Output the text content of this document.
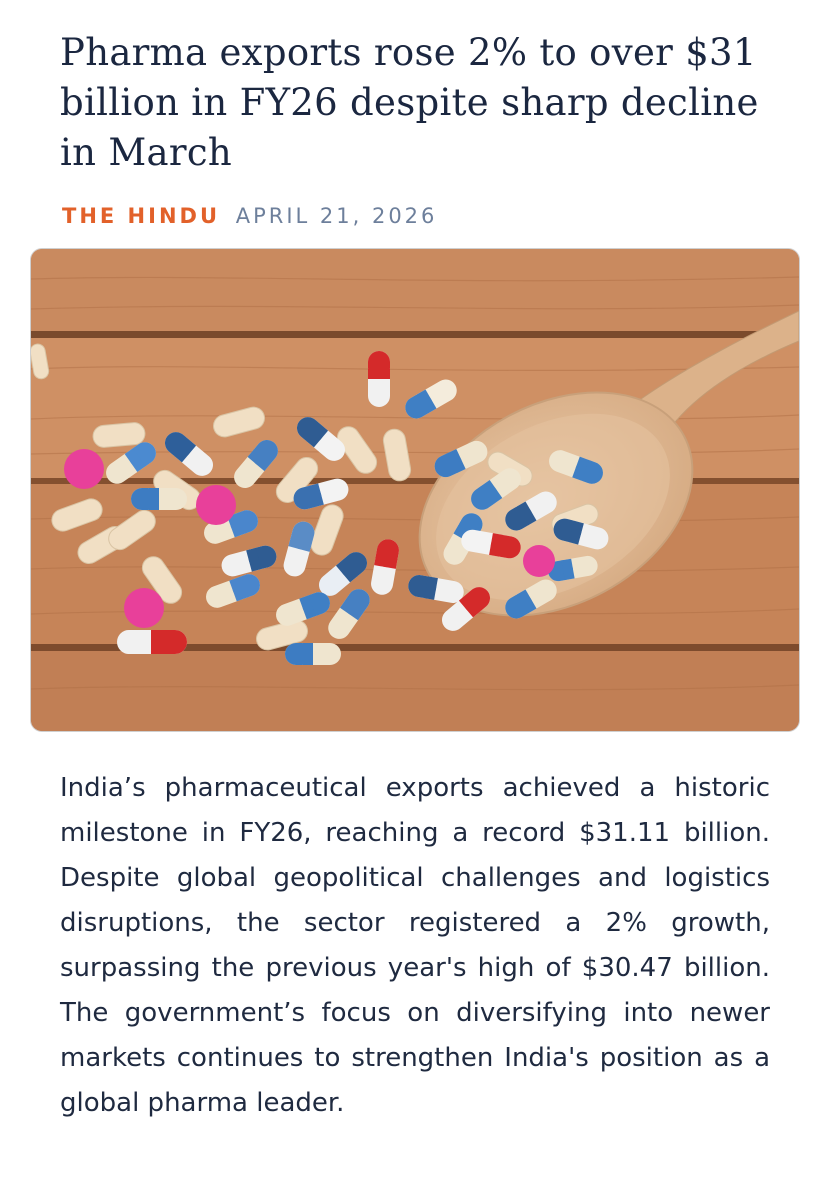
Pharma exports rose 2% to over $31 billion in FY26 despite sharp decline in March
THE HINDU APRIL 21, 2026

India’s pharmaceutical exports achieved a historic milestone in FY26, reaching a record $31.11 billion. Despite global geopolitical challenges and logistics disruptions, the sector registered a 2% growth, surpassing the previous year's high of $30.47 billion. The government’s focus on diversifying into newer markets continues to strengthen India's position as a global pharma leader.
